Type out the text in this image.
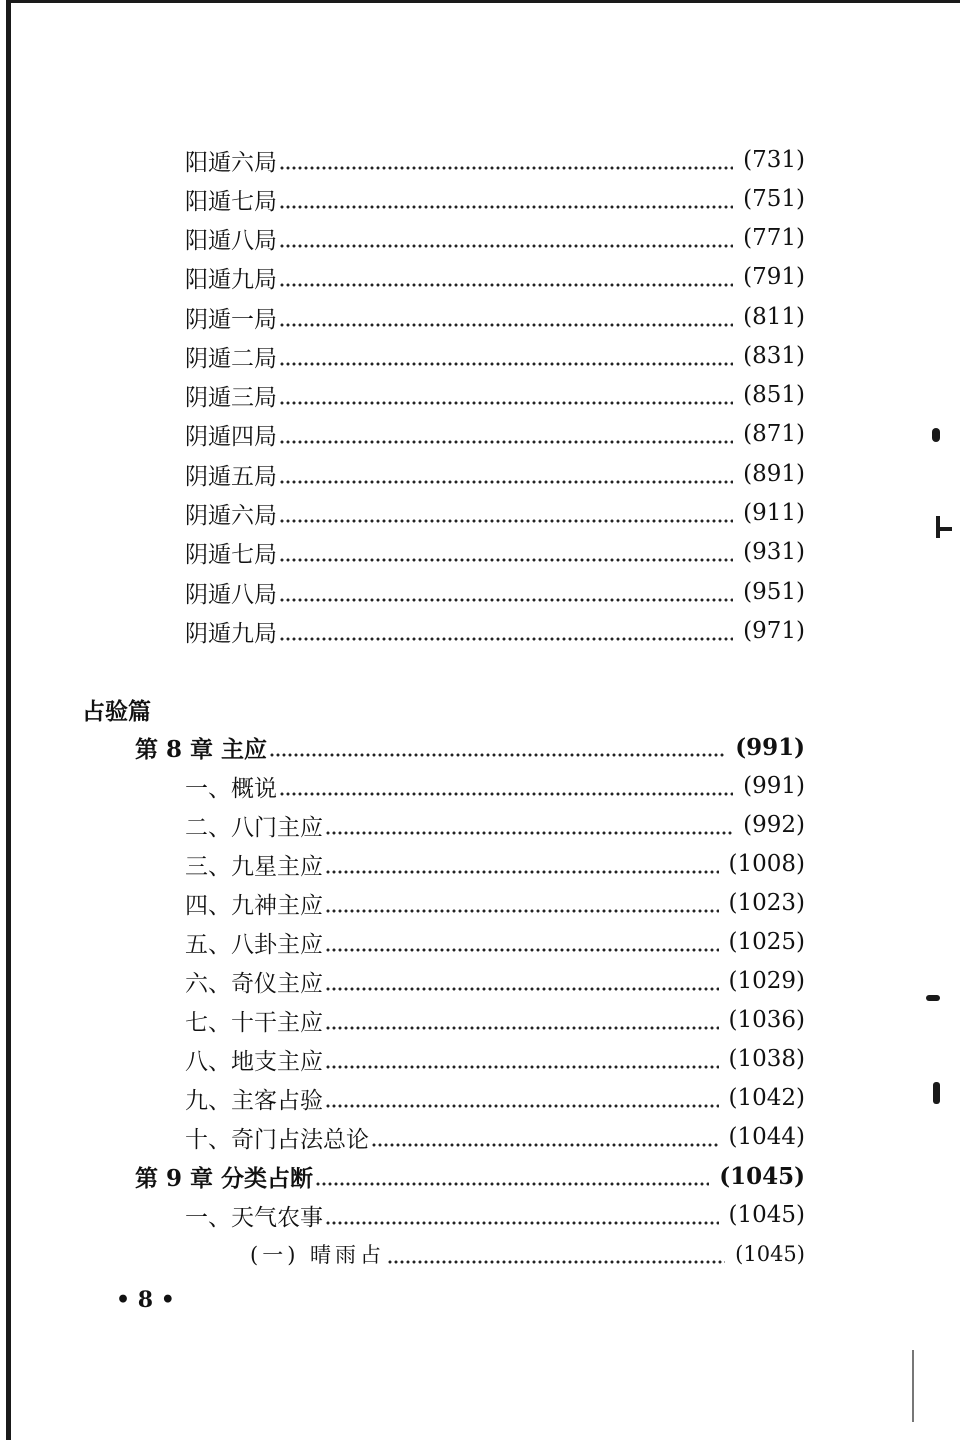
阳遁六局	(731)
阳遁七局	(751)
阳遁八局	(771)
阳遁九局	(791)
阴遁一局	(811)
阴遁二局	(831)
阴遁三局	(851)
阴遁四局	(871)
阴遁五局	(891)
阴遁六局	(911)
阴遁七局	(931)
阴遁八局	(951)
阴遁九局	(971)
占验篇
第 8 章 主应	(991)
一、概说	(991)
二、八门主应	(992)
三、九星主应	(1008)
四、九神主应	(1023)
五、八卦主应	(1025)
六、奇仪主应	(1029)
七、十干主应	(1036)
八、地支主应	(1038)
九、主客占验	(1042)
十、奇门占法总论	(1044)
第 9 章 分类占断	(1045)
一、天气农事	(1045)
(一) 晴雨占	(1045)
• 8 •
